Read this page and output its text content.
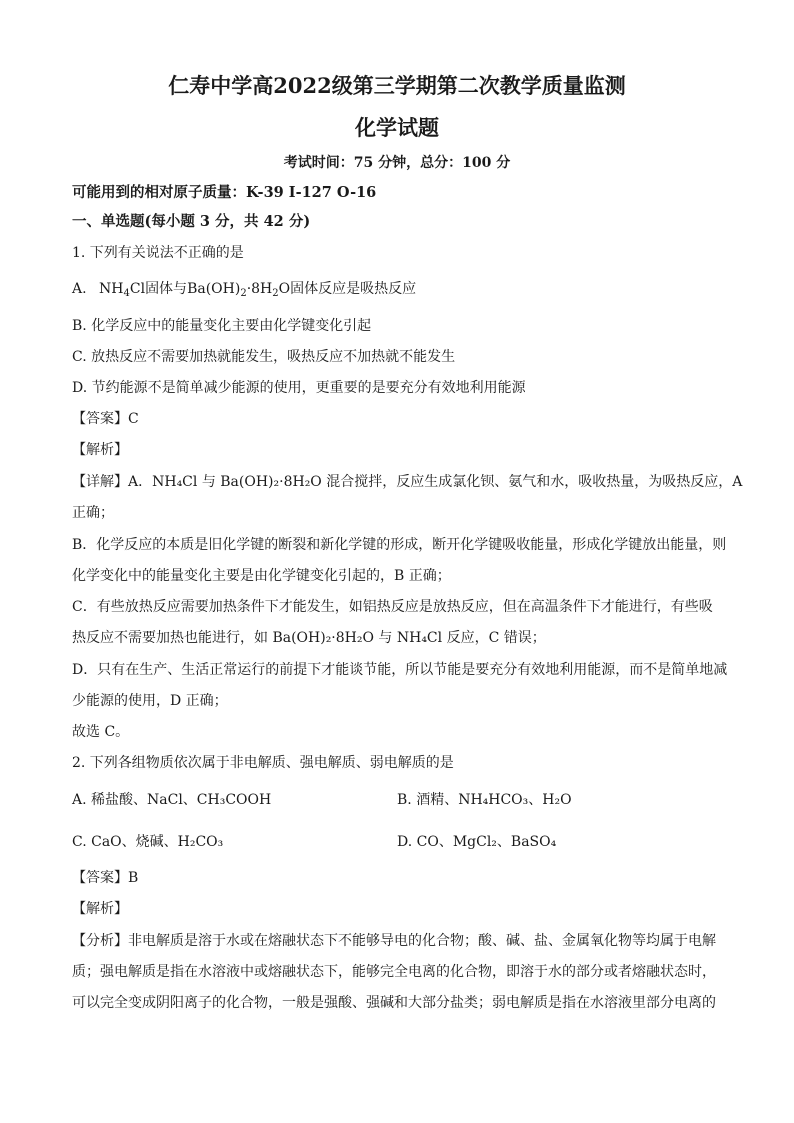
仁寿中学高2022级第三学期第二次教学质量监测
化学试题
考试时间：75 分钟，总分：100 分
可能用到的相对原子质量：K-39 I-127 O-16
一、单选题(每小题 3 分，共 42 分)
1. 下列有关说法不正确的是
A. $NH_4Cl$固体与$Ba(OH)_2\cdot 8H_2O$固体反应是吸热反应
B. 化学反应中的能量变化主要由化学键变化引起
C. 放热反应不需要加热就能发生，吸热反应不加热就不能发生
D. 节约能源不是简单减少能源的使用，更重要的是要充分有效地利用能源
【答案】C
【解析】
【详解】A．NH₄Cl 与 Ba(OH)₂·8H₂O 混合搅拌，反应生成氯化钡、氨气和水，吸收热量，为吸热反应，A
正确；
B．化学反应的本质是旧化学键的断裂和新化学键的形成，断开化学键吸收能量，形成化学键放出能量，则
化学变化中的能量变化主要是由化学键变化引起的，B 正确；
C．有些放热反应需要加热条件下才能发生，如铝热反应是放热反应，但在高温条件下才能进行，有些吸
热反应不需要加热也能进行，如 Ba(OH)₂·8H₂O 与 NH₄Cl 反应，C 错误；
D．只有在生产、生活正常运行的前提下才能谈节能，所以节能是要充分有效地利用能源，而不是简单地减
少能源的使用，D 正确；
故选 C。
2. 下列各组物质依次属于非电解质、强电解质、弱电解质的是
A. 稀盐酸、NaCl、CH₃COOH	B. 酒精、NH₄HCO₃、H₂O
C. CaO、烧碱、H₂CO₃	D. CO、MgCl₂、BaSO₄
【答案】B
【解析】
【分析】非电解质是溶于水或在熔融状态下不能够导电的化合物；酸、碱、盐、金属氧化物等均属于电解
质；强电解质是指在水溶液中或熔融状态下，能够完全电离的化合物，即溶于水的部分或者熔融状态时，
可以完全变成阴阳离子的化合物，一般是强酸、强碱和大部分盐类；弱电解质是指在水溶液里部分电离的
